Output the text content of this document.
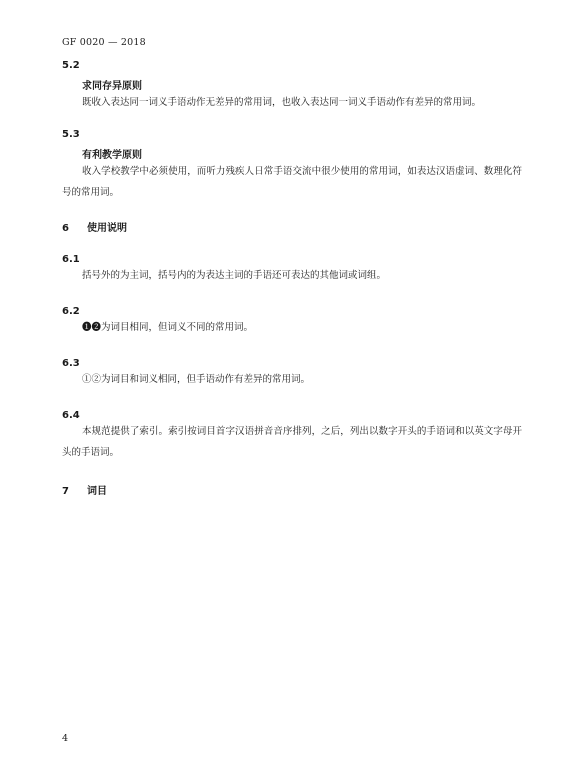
GF 0020 — 2018
5.2
求同存异原则

既收入表达同一词义手语动作无差异的常用词，也收入表达同一词义手语动作有差异的常用词。

5.3
有利教学原则

收入学校教学中必须使用，而听力残疾人日常手语交流中很少使用的常用词，如表达汉语虚词、数理化符号的常用词。

6 使用说明
6.1

括号外的为主词，括号内的为表达主词的手语还可表达的其他词或词组。

6.2

❶❷为词目相同，但词义不同的常用词。

6.3

①②为词目和词义相同，但手语动作有差异的常用词。

6.4

本规范提供了索引。索引按词目首字汉语拼音音序排列，之后，列出以数字开头的手语词和以英文字母开头的手语词。

7 词目
4
